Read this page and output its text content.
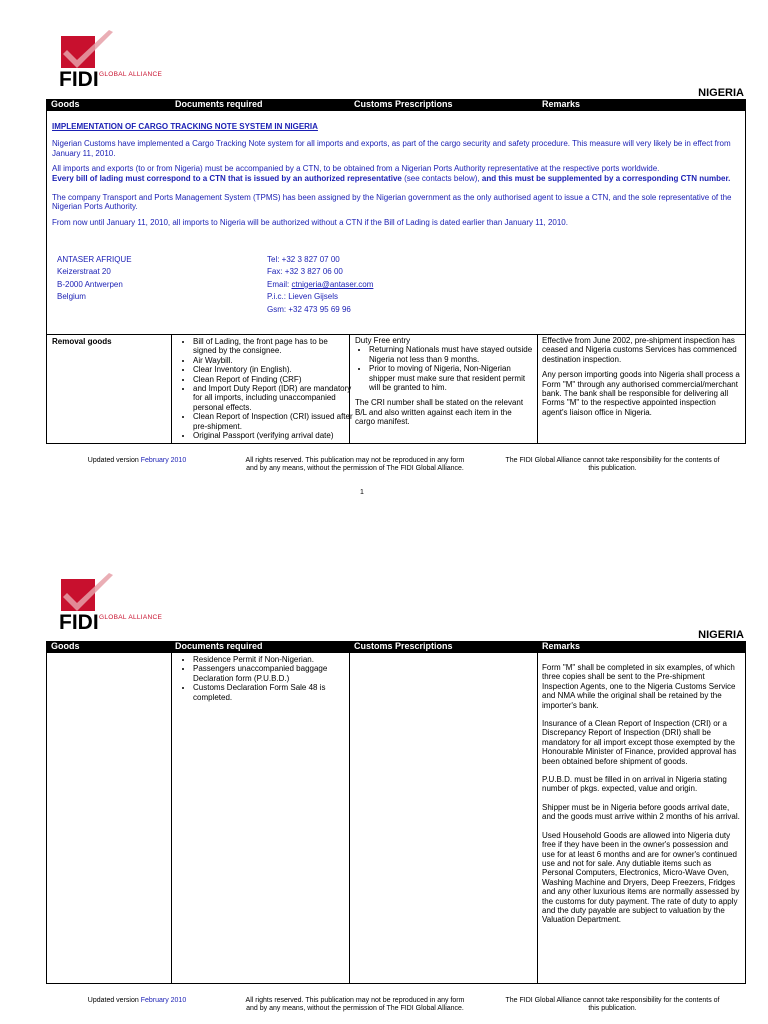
FIDI GLOBAL ALLIANCE
NIGERIA
Goods	Documents required	Customs Prescriptions	Remarks
IMPLEMENTATION OF CARGO TRACKING NOTE SYSTEM IN NIGERIA
Nigerian Customs have implemented a Cargo Tracking Note system for all imports and exports, as part of the cargo security and safety procedure. This measure will very likely be in effect from January 11, 2010.
All imports and exports (to or from Nigeria) must be accompanied by a CTN, to be obtained from a Nigerian Ports Authority representative at the respective ports worldwide.
Every bill of lading must correspond to a CTN that is issued by an authorized representative (see contacts below), and this must be supplemented by a corresponding CTN number.
The company Transport and Ports Management System (TPMS) has been assigned by the Nigerian government as the only authorised agent to issue a CTN, and the sole representative of the Nigerian Ports Authority.
From now until January 11, 2010, all imports to Nigeria will be authorized without a CTN if the Bill of Lading is dated earlier than January 11, 2010.
ANTASER AFRIQUE
Keizerstraat 20
B-2000 Antwerpen
Belgium
Tel: +32 3 827 07 00
Fax: +32 3 827 06 00
Email: ctnigeria@antaser.com
P.i.c.: Lieven Gijsels
Gsm: +32 473 95 69 96
Removal goods
•	Bill of Lading, the front page has to be signed by the consignee.
• Air Waybill.
• Clear Inventory (in English).
• Clean Report of Finding (CRF)
• and Import Duty Report (IDR) are mandatory for all imports, including unaccompanied personal effects.
• Clean Report of Inspection (CRI) issued after pre-shipment.
• Original Passport (verifying arrival date)
Duty Free entry
• Returning Nationals must have stayed outside Nigeria not less than 9 months.
• Prior to moving of Nigeria, Non-Nigerian shipper must make sure that resident permit will be granted to him.
The CRI number shall be stated on the relevant B/L and also written against each item in the cargo manifest.
Effective from June 2002, pre-shipment inspection has ceased and Nigeria customs Services has commenced destination inspection.
Any person importing goods into Nigeria shall process a Form "M" through any authorised commercial/merchant bank. The bank shall be responsible for delivering all Forms "M" to the respective appointed inspection agent's liaison office in Nigeria.
Updated version February 2010	All rights reserved. This publication may not be reproduced in any form and by any means, without the permission of The FIDI Global Alliance.
The FIDI Global Alliance cannot take responsibility for the contents of this publication.
1
FIDI GLOBAL ALLIANCE
NIGERIA
Goods	Documents required	Customs Prescriptions	Remarks
• Residence Permit if Non-Nigerian.
• Passengers unaccompanied baggage Declaration form (P.U.B.D.)
• Customs Declaration Form Sale 48 is completed.
Form "M" shall be completed in six examples, of which three copies shall be sent to the Pre-shipment Inspection Agents, one to the Nigeria Customs Service and NMA while the original shall be retained by the importer's bank.
Insurance of a Clean Report of Inspection (CRI) or a Discrepancy Report of Inspection (DRI) shall be mandatory for all import except those exempted by the Honourable Minister of Finance, provided approval has been obtained before shipment of goods.
P.U.B.D. must be filled in on arrival in Nigeria stating number of pkgs. expected, value and origin.
Shipper must be in Nigeria before goods arrival date, and the goods must arrive within 2 months of his arrival.
Used Household Goods are allowed into Nigeria duty free if they have been in the owner's possession and use for at least 6 months and are for owner's continued use and not for sale. Any dutiable items such as Personal Computers, Electronics, Micro-Wave Oven, Washing Machine and Dryers, Deep Freezers, Fridges and any other luxurious items are normally assessed by the customs for duty payment. The rate of duty to apply and the duty payable are subject to valuation by the Valuation Department.
Updated version February 2010	All rights reserved. This publication may not be reproduced in any form and by any means, without the permission of The FIDI Global Alliance.
The FIDI Global Alliance cannot take responsibility for the contents of this publication.
